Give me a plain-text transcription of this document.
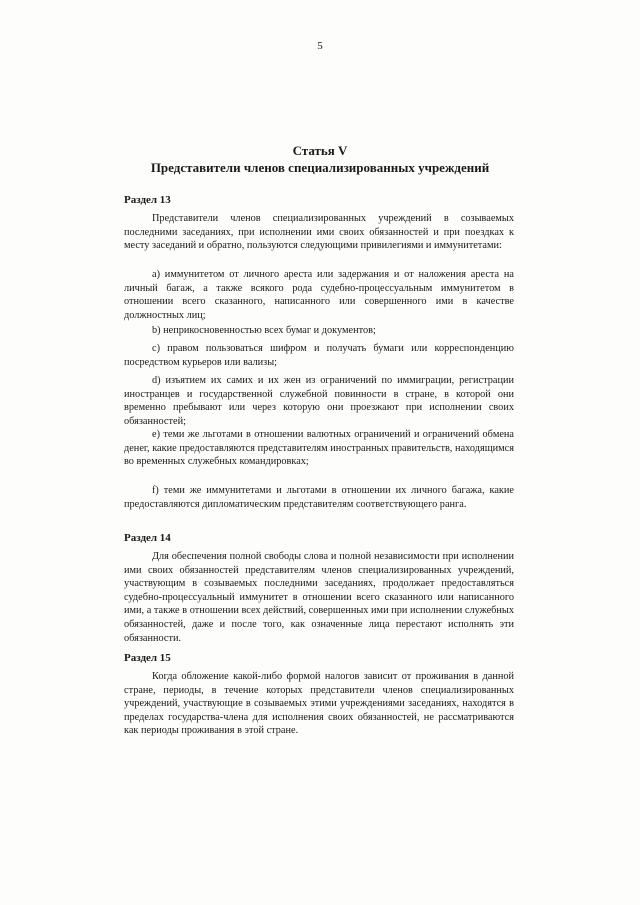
5
Статья V
Представители членов специализированных учреждений
Раздел 13

Представители членов специализированных учреждений в созываемых последними заседаниях, при исполнении ими своих обязанностей и при поездках к месту заседаний и обратно, пользуются следующими привилегиями и иммунитетами:

а) иммунитетом от личного ареста или задержания и от наложения ареста на личный багаж, а также всякого рода судебно-процессуальным иммунитетом в отношении всего сказанного, написанного или совершенного ими в качестве должностных лиц;

b) неприкосновенностью всех бумаг и документов;

c) правом пользоваться шифром и получать бумаги или корреспонденцию посредством курьеров или вализы;

d) изъятием их самих и их жен из ограничений по иммиграции, регистрации иностранцев и государственной служебной повинности в стране, в которой они временно пребывают или через которую они проезжают при исполнении своих обязанностей;

e) теми же льготами в отношении валютных ограничений и ограничений обмена денег, какие предоставляются представителям иностранных правительств, находящимся во временных служебных командировках;

f) теми же иммунитетами и льготами в отношении их личного багажа, какие предоставляются дипломатическим представителям соответствующего ранга.

Раздел 14

Для обеспечения полной свободы слова и полной независимости при исполнении ими своих обязанностей представителям членов специализированных учреждений, участвующим в созываемых последними заседаниях, продолжает предоставляться судебно-процессуальный иммунитет в отношении всего сказанного или написанного ими, а также в отношении всех действий, совершенных ими при исполнении служебных обязанностей, даже и после того, как означенные лица перестают исполнять эти обязанности.

Раздел 15

Когда обложение какой-либо формой налогов зависит от проживания в данной стране, периоды, в течение которых представители членов специализированных учреждений, участвующие в созываемых этими учреждениями заседаниях, находятся в пределах государства-члена для исполнения своих обязанностей, не рассматриваются как периоды проживания в этой стране.
